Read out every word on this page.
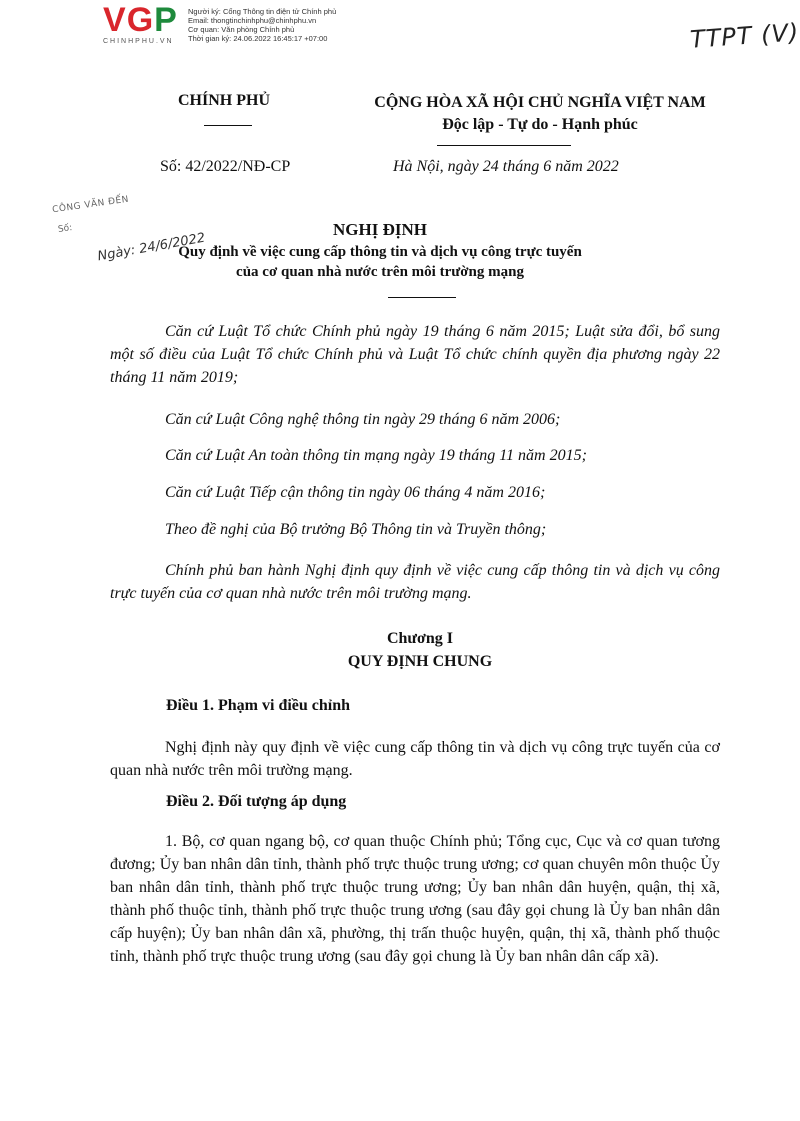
VGP
CHINHPHU.VN
Người ký: Cổng Thông tin điện tử Chính phủ
Email: thongtinchinhphu@chinhphu.vn
Cơ quan: Văn phòng Chính phủ
Thời gian ký: 24.06.2022 16:45:17 +07:00	TTPT (V)
CHÍNH PHỦ	CỘNG HÒA XÃ HỘI CHỦ NGHĨA VIỆT NAM
Độc lập - Tự do - Hạnh phúc
Số: 42/2022/NĐ-CP	Hà Nội, ngày 24 tháng 6 năm 2022
CÔNG VĂN ĐẾN
Số:
Ngày: 24/6/2022
NGHỊ ĐỊNH
Quy định về việc cung cấp thông tin và dịch vụ công trực tuyến
của cơ quan nhà nước trên môi trường mạng
Căn cứ Luật Tổ chức Chính phủ ngày 19 tháng 6 năm 2015; Luật sửa đổi, bổ sung một số điều của Luật Tổ chức Chính phủ và Luật Tổ chức chính quyền địa phương ngày 22 tháng 11 năm 2019;
Căn cứ Luật Công nghệ thông tin ngày 29 tháng 6 năm 2006;
Căn cứ Luật An toàn thông tin mạng ngày 19 tháng 11 năm 2015;
Căn cứ Luật Tiếp cận thông tin ngày 06 tháng 4 năm 2016;
Theo đề nghị của Bộ trưởng Bộ Thông tin và Truyền thông;
Chính phủ ban hành Nghị định quy định về việc cung cấp thông tin và dịch vụ công trực tuyến của cơ quan nhà nước trên môi trường mạng.
Chương I
QUY ĐỊNH CHUNG
Điều 1. Phạm vi điều chỉnh
Nghị định này quy định về việc cung cấp thông tin và dịch vụ công trực tuyến của cơ quan nhà nước trên môi trường mạng.
Điều 2. Đối tượng áp dụng
1. Bộ, cơ quan ngang bộ, cơ quan thuộc Chính phủ; Tổng cục, Cục và cơ quan tương đương; Ủy ban nhân dân tỉnh, thành phố trực thuộc trung ương; cơ quan chuyên môn thuộc Ủy ban nhân dân tỉnh, thành phố trực thuộc trung ương; Ủy ban nhân dân huyện, quận, thị xã, thành phố thuộc tỉnh, thành phố trực thuộc trung ương (sau đây gọi chung là Ủy ban nhân dân cấp huyện); Ủy ban nhân dân xã, phường, thị trấn thuộc huyện, quận, thị xã, thành phố thuộc tỉnh, thành phố trực thuộc trung ương (sau đây gọi chung là Ủy ban nhân dân cấp xã).
